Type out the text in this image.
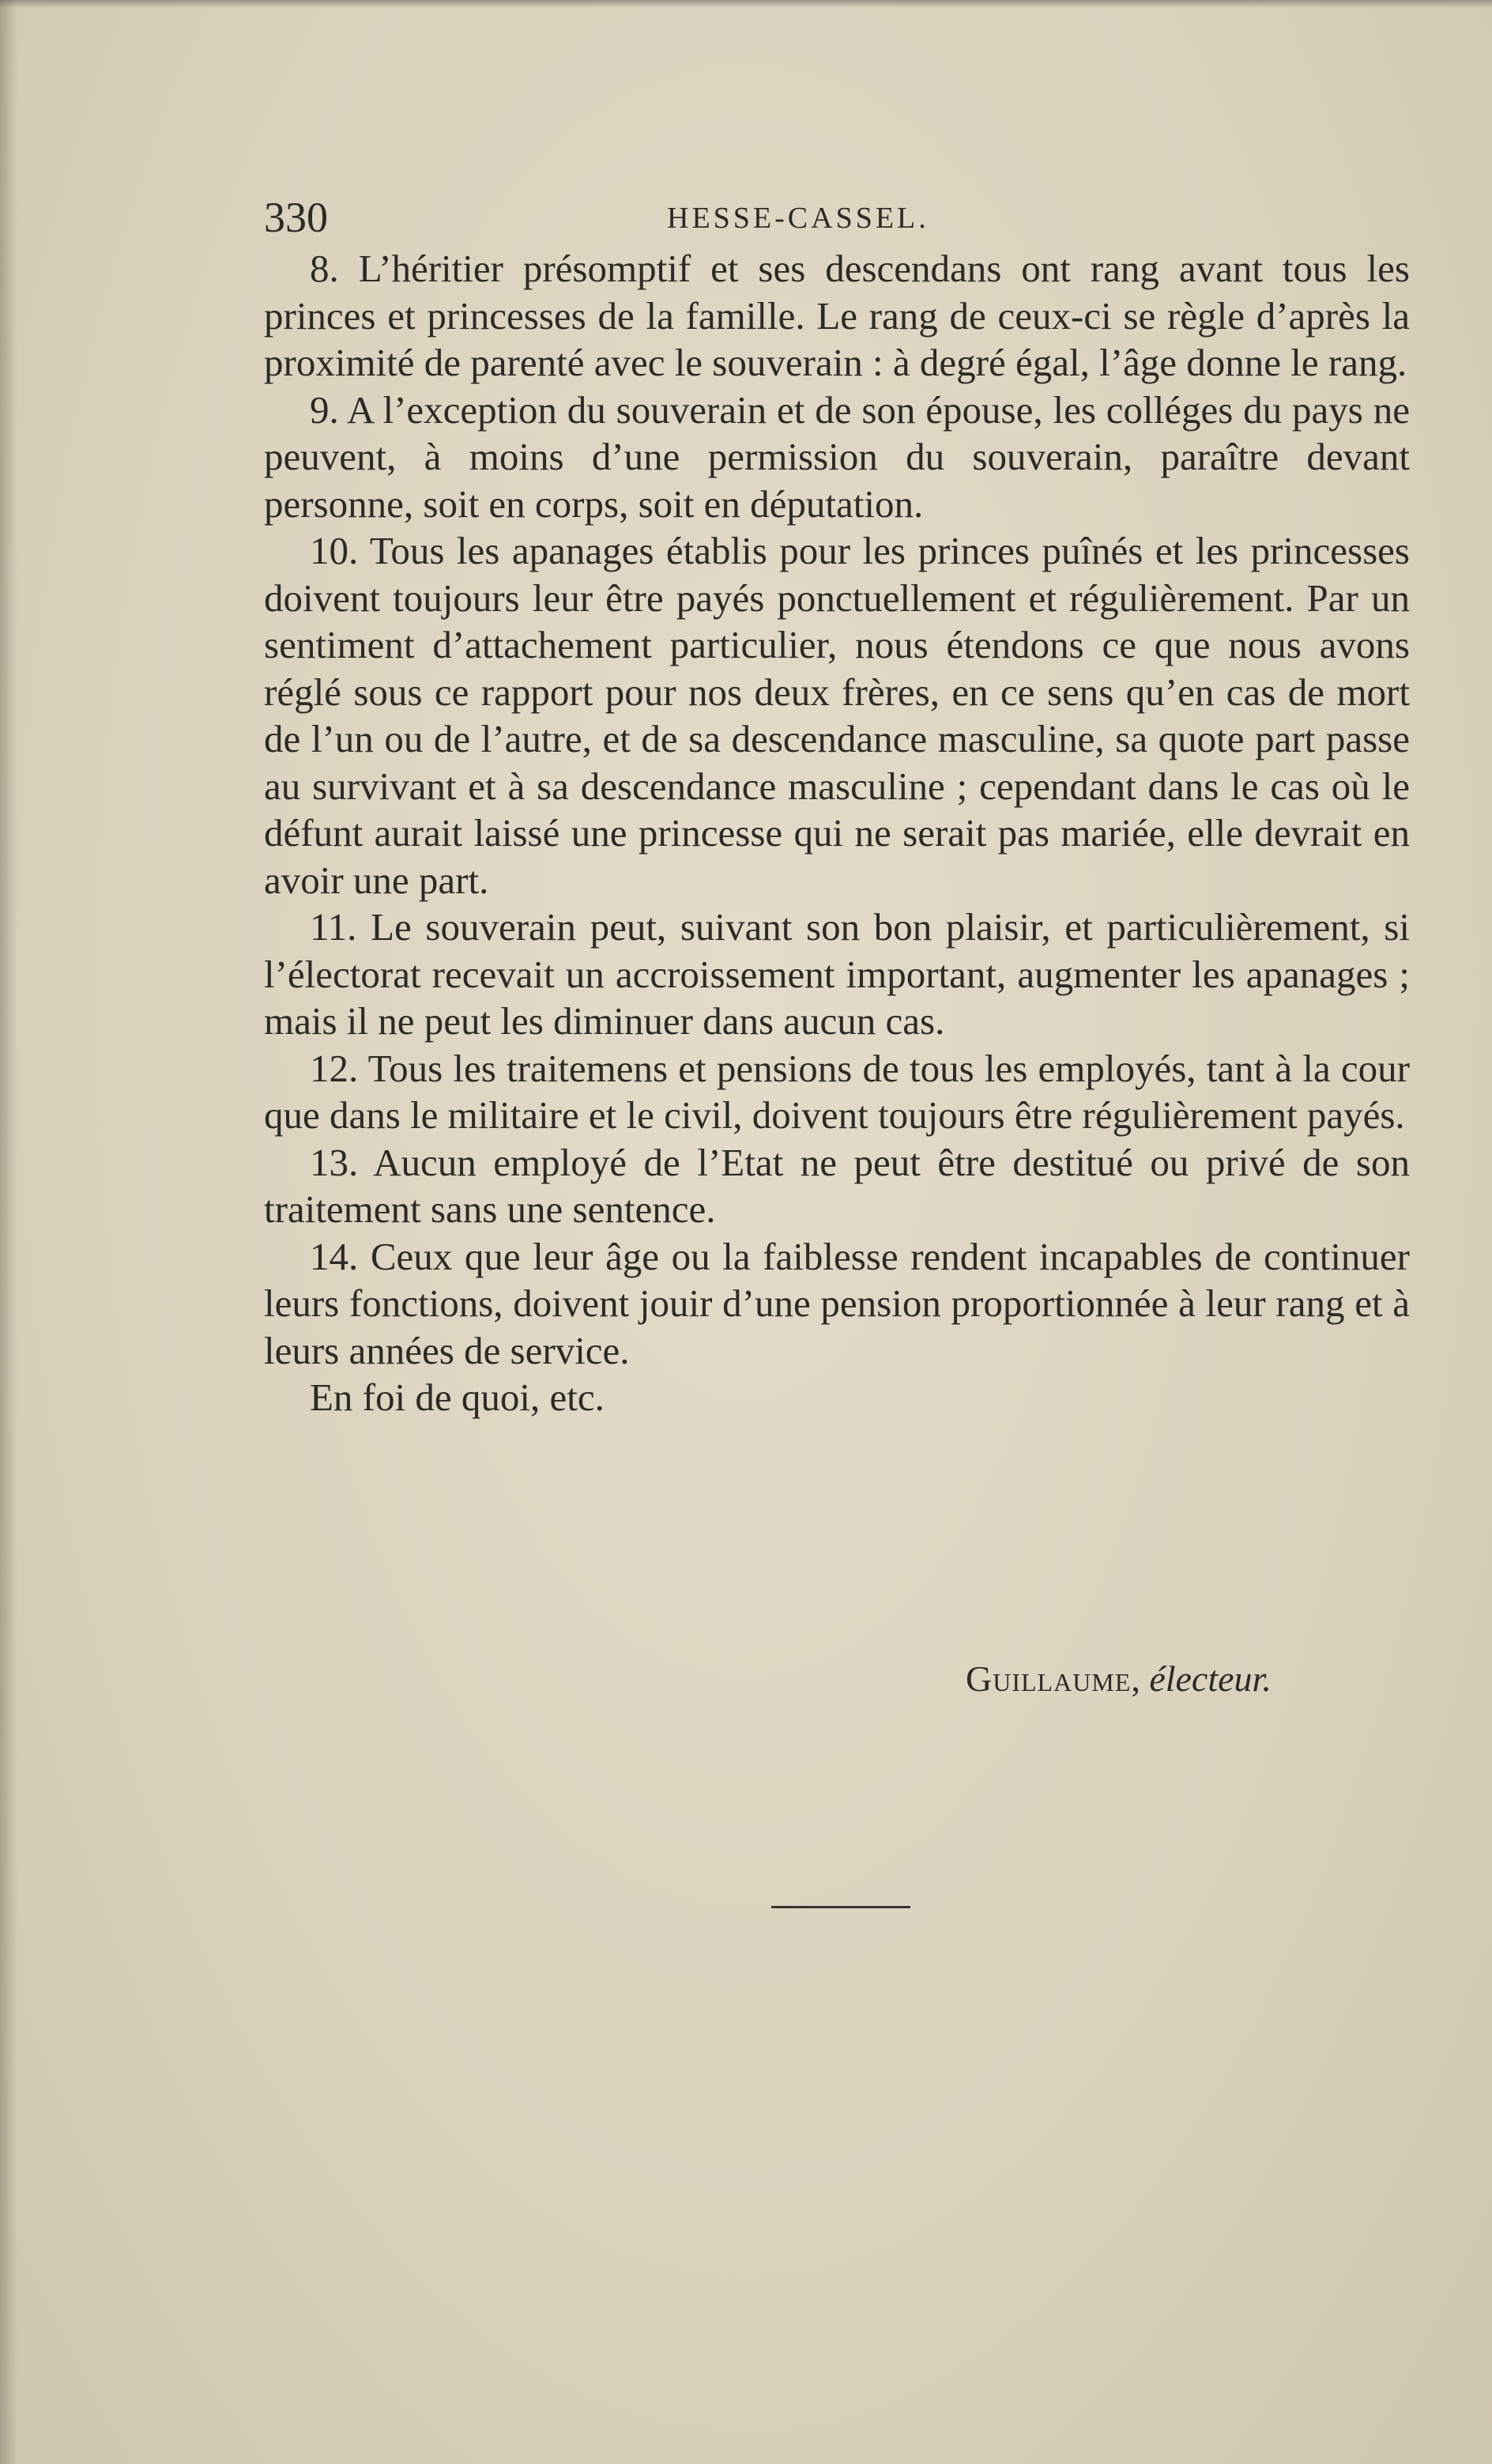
330	HESSE-CASSEL.

8. L’héritier présomptif et ses descendans ont rang avant tous les princes et princesses de la famille. Le rang de ceux-ci se règle d’après la proximité de parenté avec le souverain : à degré égal, l’âge donne le rang.

9. A l’exception du souverain et de son épouse, les colléges du pays ne peuvent, à moins d’une permission du souverain, paraître devant personne, soit en corps, soit en députation.

10. Tous les apanages établis pour les princes puînés et les princesses doivent toujours leur être payés ponctuellement et régulièrement. Par un sentiment d’attachement particulier, nous étendons ce que nous avons réglé sous ce rapport pour nos deux frères, en ce sens qu’en cas de mort de l’un ou de l’autre, et de sa descendance masculine, sa quote part passe au survivant et à sa descendance masculine ; cependant dans le cas où le défunt aurait laissé une princesse qui ne serait pas mariée, elle devrait en avoir une part.

11. Le souverain peut, suivant son bon plaisir, et particulièrement, si l’électorat recevait un accroissement important, augmenter les apanages ; mais il ne peut les diminuer dans aucun cas.

12. Tous les traitemens et pensions de tous les employés, tant à la cour que dans le militaire et le civil, doivent toujours être régulièrement payés.

13. Aucun employé de l’Etat ne peut être destitué ou privé de son traitement sans une sentence.

14. Ceux que leur âge ou la faiblesse rendent incapables de continuer leurs fonctions, doivent jouir d’une pension proportionnée à leur rang et à leurs années de service.

En foi de quoi, etc.

Guillaume, électeur.
